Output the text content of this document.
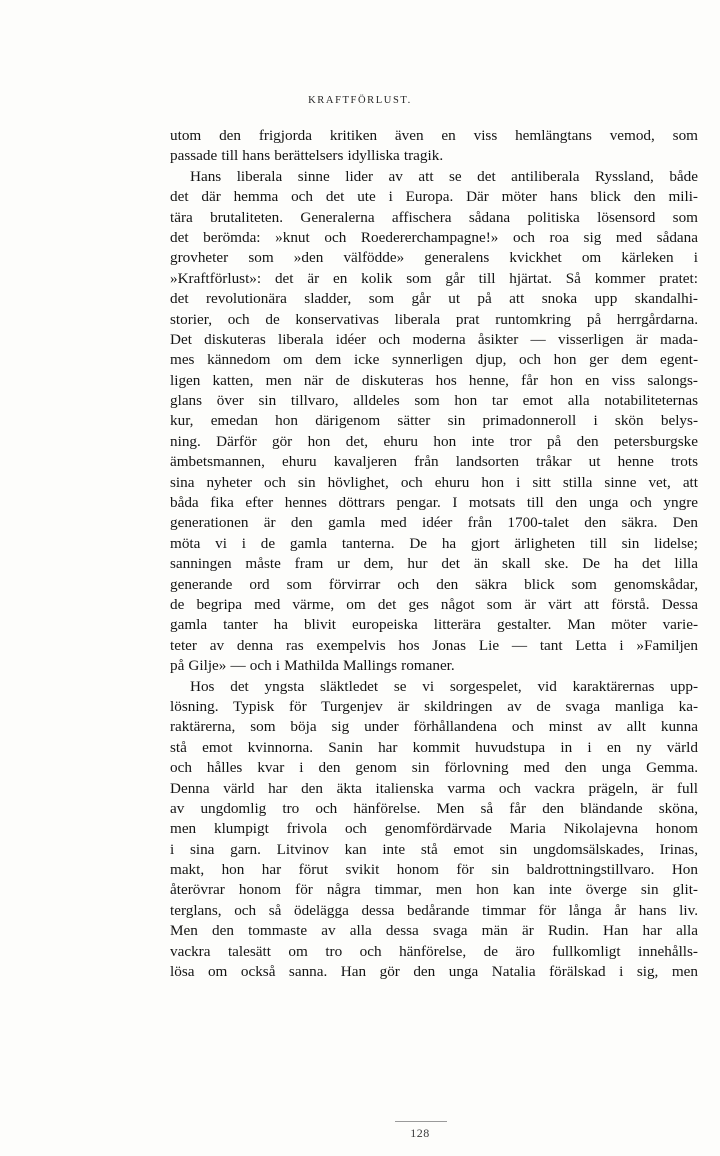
KRAFTFÖRLUST.
utom den frigjorda kritiken även en viss hemlängtans vemod, som
passade till hans berättelsers idylliska tragik.
Hans liberala sinne lider av att se det antiliberala Ryssland, både
det där hemma och det ute i Europa. Där möter hans blick den mili-
tära brutaliteten. Generalerna affischera sådana politiska lösensord som
det berömda: »knut och Roedererchampagne!» och roa sig med sådana
grovheter som »den välfödde» generalens kvickhet om kärleken i
»Kraftförlust»: det är en kolik som går till hjärtat. Så kommer pratet:
det revolutionära sladder, som går ut på att snoka upp skandalhi-
storier, och de konservativas liberala prat runtomkring på herrgårdarna.
Det diskuteras liberala idéer och moderna åsikter — visserligen är mada-
mes kännedom om dem icke synnerligen djup, och hon ger dem egent-
ligen katten, men när de diskuteras hos henne, får hon en viss salongs-
glans över sin tillvaro, alldeles som hon tar emot alla notabiliteternas
kur, emedan hon därigenom sätter sin primadonneroll i skön belys-
ning. Därför gör hon det, ehuru hon inte tror på den petersburgske
ämbetsmannen, ehuru kavaljeren från landsorten tråkar ut henne trots
sina nyheter och sin hövlighet, och ehuru hon i sitt stilla sinne vet, att
båda fika efter hennes döttrars pengar. I motsats till den unga och yngre
generationen är den gamla med idéer från 1700-talet den säkra. Den
möta vi i de gamla tanterna. De ha gjort ärligheten till sin lidelse;
sanningen måste fram ur dem, hur det än skall ske. De ha det lilla
generande ord som förvirrar och den säkra blick som genomskådar,
de begripa med värme, om det ges något som är värt att förstå. Dessa
gamla tanter ha blivit europeiska litterära gestalter. Man möter varie-
teter av denna ras exempelvis hos Jonas Lie — tant Letta i »Familjen
på Gilje» — och i Mathilda Mallings romaner.
Hos det yngsta släktledet se vi sorgespelet, vid karaktärernas upp-
lösning. Typisk för Turgenjev är skildringen av de svaga manliga ka-
raktärerna, som böja sig under förhållandena och minst av allt kunna
stå emot kvinnorna. Sanin har kommit huvudstupa in i en ny värld
och hålles kvar i den genom sin förlovning med den unga Gemma.
Denna värld har den äkta italienska varma och vackra prägeln, är full
av ungdomlig tro och hänförelse. Men så får den bländande sköna,
men klumpigt frivola och genomfördärvade Maria Nikolajevna honom
i sina garn. Litvinov kan inte stå emot sin ungdomsälskades, Irinas,
makt, hon har förut svikit honom för sin baldrottningstillvaro. Hon
återövrar honom för några timmar, men hon kan inte överge sin glit-
terglans, och så ödelägga dessa bedårande timmar för långa år hans liv.
Men den tommaste av alla dessa svaga män är Rudin. Han har alla
vackra talesätt om tro och hänförelse, de äro fullkomligt innehålls-
lösa om också sanna. Han gör den unga Natalia förälskad i sig, men
128
